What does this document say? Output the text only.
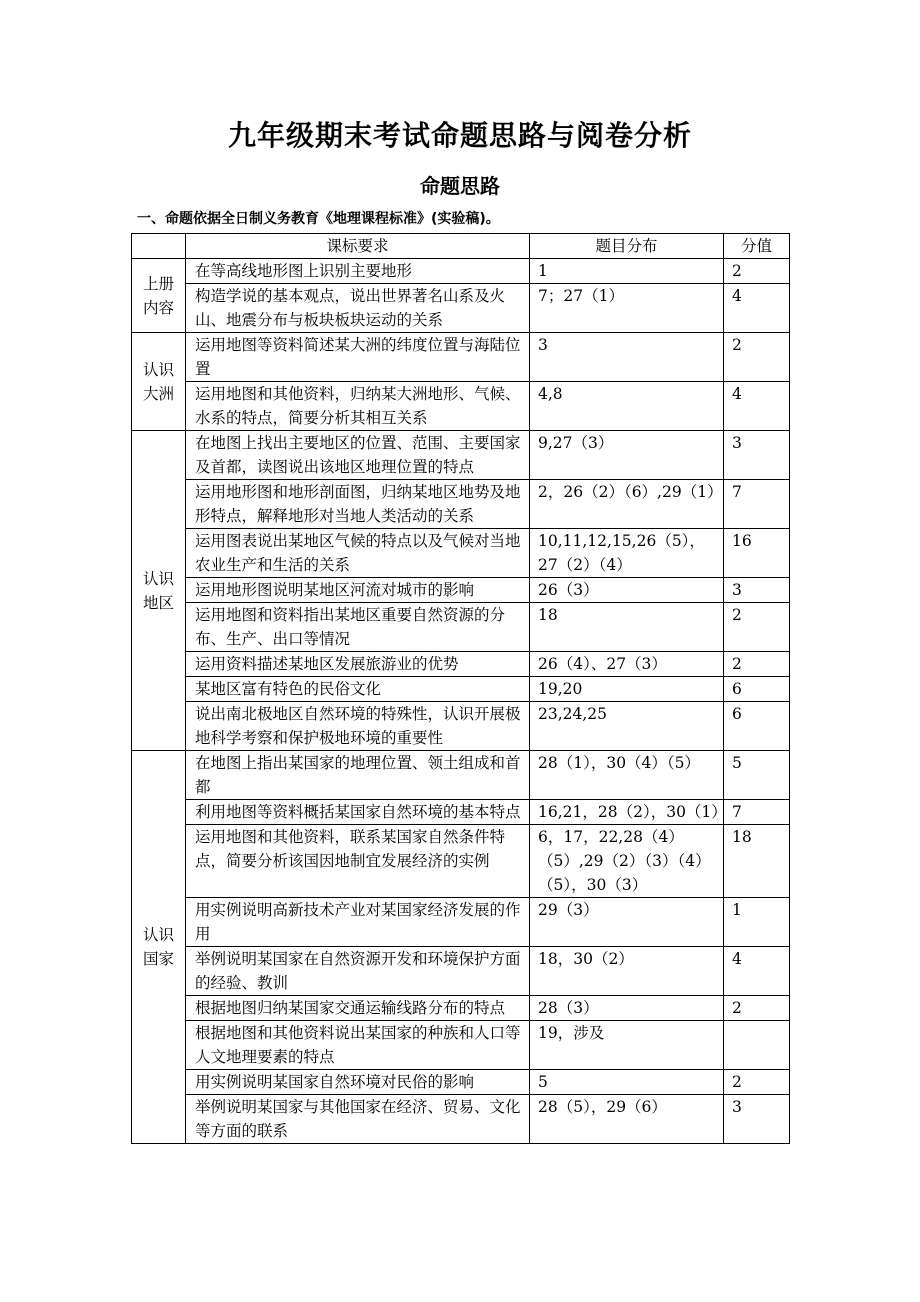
九年级期末考试命题思路与阅卷分析
命题思路
一、命题依据全日制义务教育《地理课程标准》(实验稿)。
	课标要求	题目分布	分值
上册内容	在等高线地形图上识别主要地形	1	2
	构造学说的基本观点，说出世界著名山系及火山、地震分布与板块板块运动的关系	7；27（1）	4
认识大洲	运用地图等资料简述某大洲的纬度位置与海陆位置	3	2
	运用地图和其他资料，归纳某大洲地形、气候、水系的特点，简要分析其相互关系	4,8	4
认识地区	在地图上找出主要地区的位置、范围、主要国家及首都，读图说出该地区地理位置的特点	9,27（3）	3
	运用地形图和地形剖面图，归纳某地区地势及地形特点，解释地形对当地人类活动的关系	2，26（2）（6）,29（1）	7
	运用图表说出某地区气候的特点以及气候对当地农业生产和生活的关系	10,11,12,15,26（5），27（2）（4）	16
	运用地形图说明某地区河流对城市的影响	26（3）	3
	运用地图和资料指出某地区重要自然资源的分布、生产、出口等情况	18	2
	运用资料描述某地区发展旅游业的优势	26（4）、27（3）	2
	某地区富有特色的民俗文化	19,20	6
	说出南北极地区自然环境的特殊性，认识开展极地科学考察和保护极地环境的重要性	23,24,25	6
认识国家	在地图上指出某国家的地理位置、领土组成和首都	28（1），30（4）（5）	5
	利用地图等资料概括某国家自然环境的基本特点	16,21，28（2），30（1）	7
	运用地图和其他资料，联系某国家自然条件特点，简要分析该国因地制宜发展经济的实例	6，17，22,28（4）（5）,29（2）（3）（4）（5），30（3）	18
	用实例说明高新技术产业对某国家经济发展的作用	29（3）	1
	举例说明某国家在自然资源开发和环境保护方面的经验、教训	18，30（2）	4
	根据地图归纳某国家交通运输线路分布的特点	28（3）	2
	根据地图和其他资料说出某国家的种族和人口等人文地理要素的特点	19，涉及	
	用实例说明某国家自然环境对民俗的影响	5	2
	举例说明某国家与其他国家在经济、贸易、文化等方面的联系	28（5），29（6）	3
